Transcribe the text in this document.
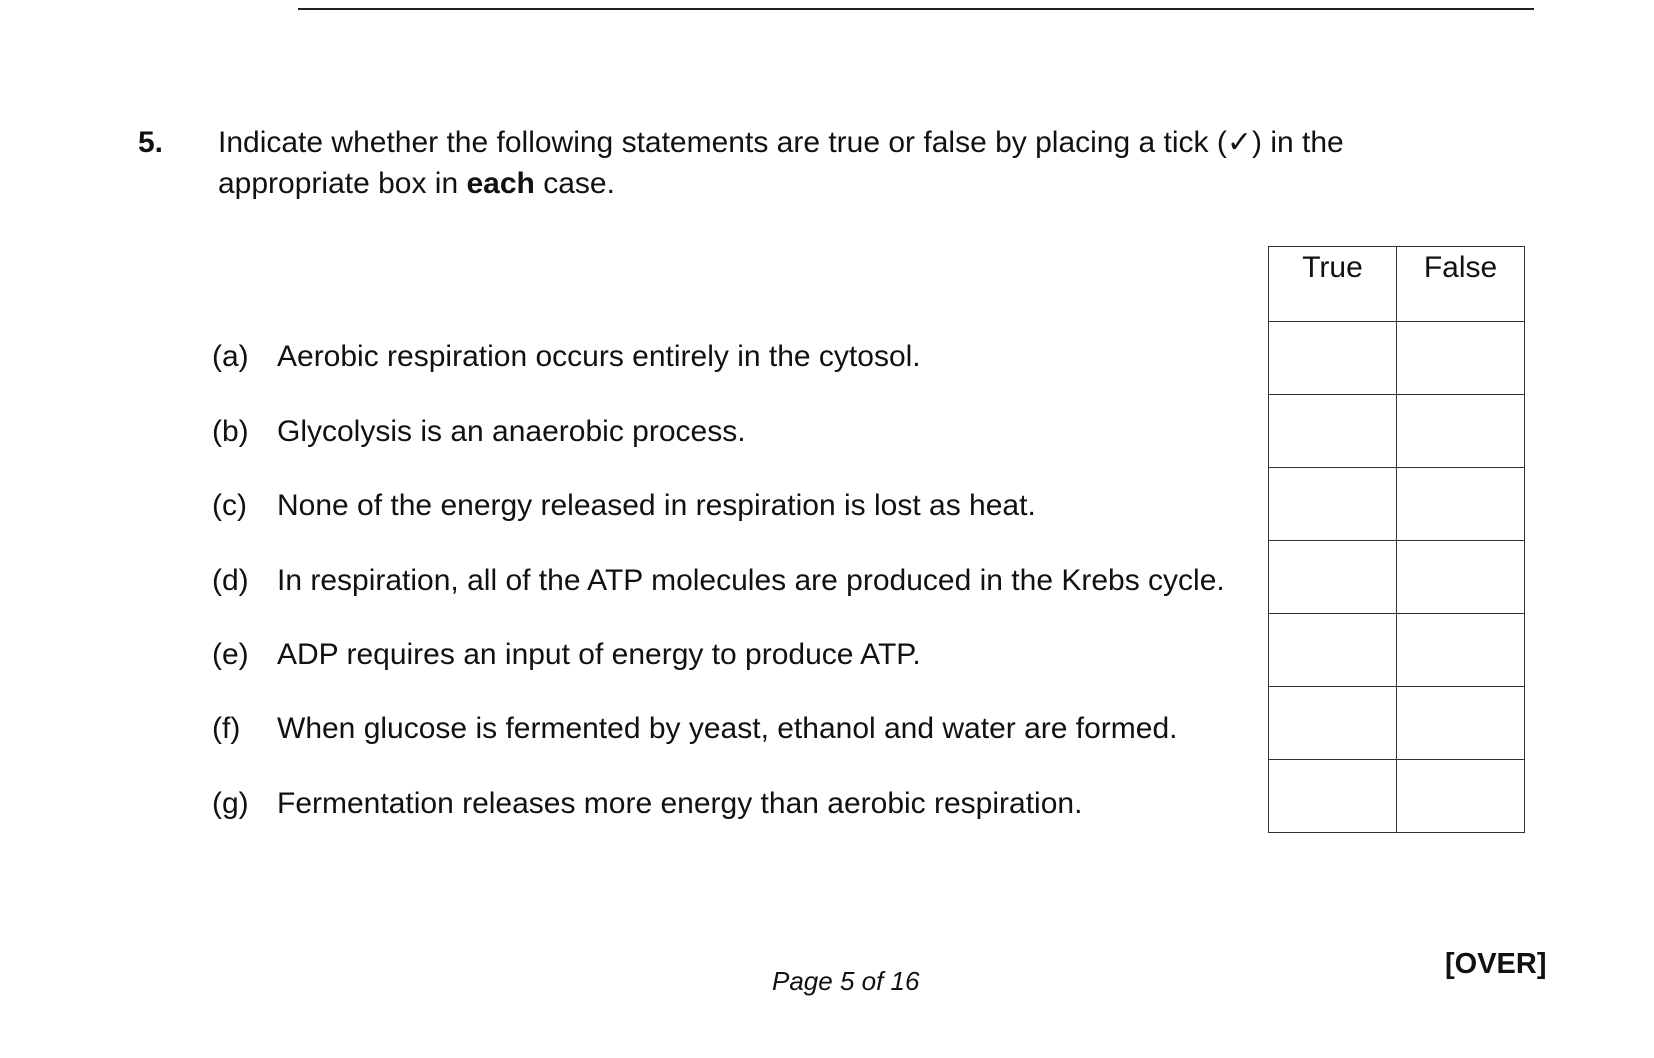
5. Indicate whether the following statements are true or false by placing a tick (✓) in the appropriate box in each case.
True	False

(a) Aerobic respiration occurs entirely in the cytosol.
(b) Glycolysis is an anaerobic process.
(c) None of the energy released in respiration is lost as heat.
(d) In respiration, all of the ATP molecules are produced in the Krebs cycle.
(e) ADP requires an input of energy to produce ATP.
(f) When glucose is fermented by yeast, ethanol and water are formed.
(g) Fermentation releases more energy than aerobic respiration.
Page 5 of 16
[OVER]
